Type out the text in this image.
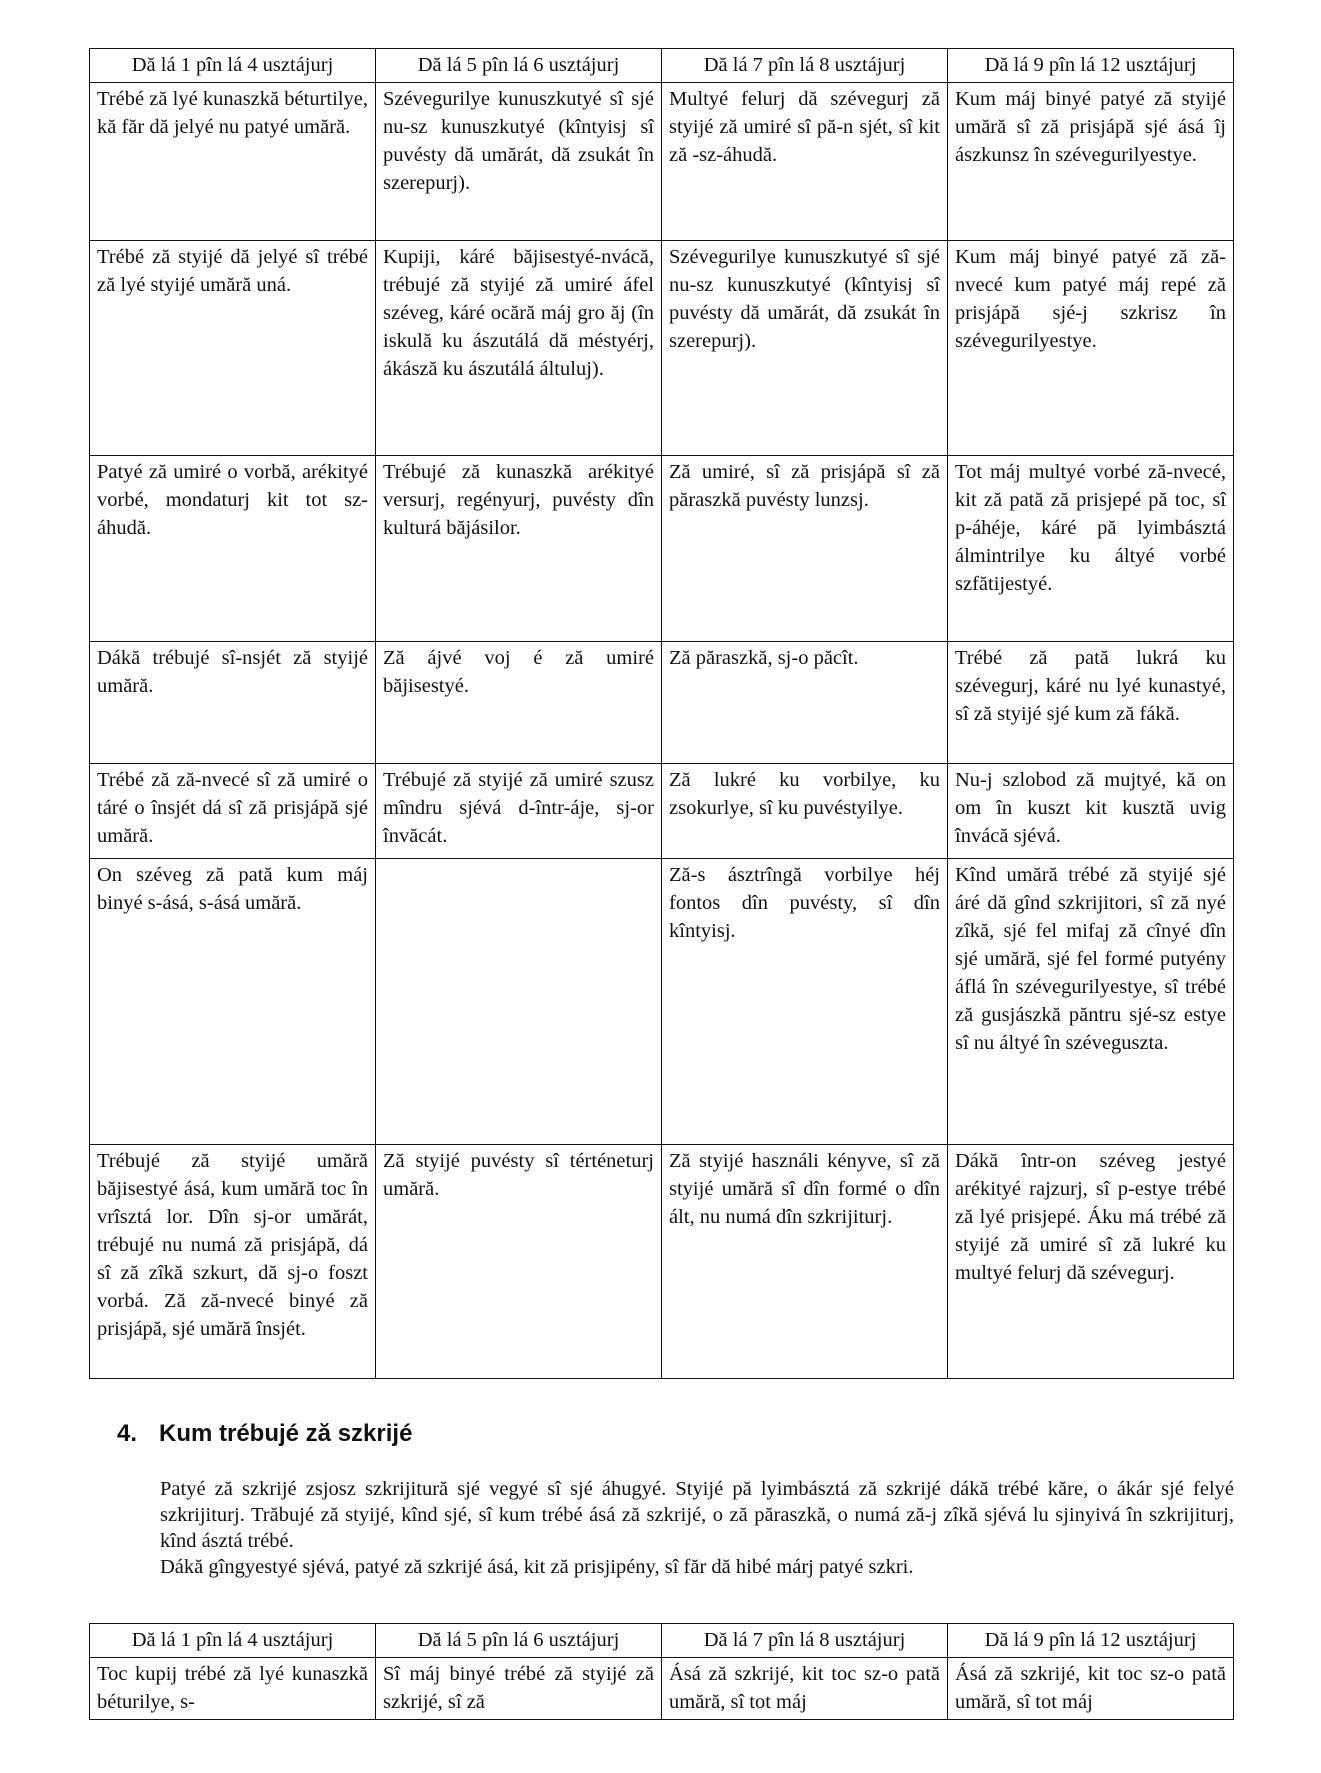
Dă lá 1 pîn lá 4 usztájurj	Dă lá 5 pîn lá 6 usztájurj	Dă lá 7 pîn lá 8 usztájurj	Dă lá 9 pîn lá 12 usztájurj
Trébé ză lyé kunaszkă béturtilye, kă făr dă jelyé nu patyé umără.	Szévegurilye kunuszkutyé sî sjé nu-sz kunuszkutyé (kîntyisj sî puvésty dă umărát, dă zsukát în szerepurj).	Multyé felurj dă szévegurj ză styijé ză umiré sî pă-n sjét, sî kit ză -sz-áhudă.	Kum máj binyé patyé ză styijé umără sî ză prisjápă sjé ásá îj ászkunsz în szévegurilyestye.
Trébé ză styijé dă jelyé sî trébé ză lyé styijé umără uná.	Kupiji, káré băjisestyé-nvácă, trébujé ză styijé ză umiré áfel széveg, káré ocără máj gro ăj (în iskulă ku ászutálá dă méstyérj, ákásză ku ászutálá áltuluj).	Szévegurilye kunuszkutyé sî sjé nu-sz kunuszkutyé (kîntyisj sî puvésty dă umărát, dă zsukát în szerepurj).	Kum máj binyé patyé ză ză-nvecé kum patyé máj repé ză prisjápă sjé-j szkrisz în szévegurilyestye.
Patyé ză umiré o vorbă, arékityé vorbé, mondaturj kit tot sz-áhudă.	Trébujé ză kunaszkă arékityé versurj, regényurj, puvésty dîn kulturá băjásilor.	Ză umiré, sî ză prisjápă sî ză păraszkă puvésty lunzsj.	Tot máj multyé vorbé ză-nvecé, kit ză pată ză prisjepé pă toc, sî p-áhéje, káré pă lyimbásztá álmintrilye ku áltyé vorbé szfătijestyé.
Dákă trébujé sî-nsjét ză styijé umără.	Ză ájvé voj é ză umiré băjisestyé.	Ză păraszkă, sj-o păcît.	Trébé ză pată lukrá ku szévegurj, káré nu lyé kunastyé, sî ză styijé sjé kum ză fákă.
Trébé ză ză-nvecé sî ză umiré o táré o însjét dá sî ză prisjápă sjé umără.	Trébujé ză styijé ză umiré szusz mîndru sjévá d-într-áje, sj-or învăcát.	Ză lukré ku vorbilye, ku zsokurlye, sî ku puvéstyilye.	Nu-j szlobod ză mujtyé, kă on om în kuszt kit kusztă uvig învácă sjévá.
On széveg ză pată kum máj binyé s-ásá, s-ásá umără.		Ză-s ásztrîngă vorbilye héj fontos dîn puvésty, sî dîn kîntyisj.	Kînd umără trébé ză styijé sjé áré dă gînd szkrijitori, sî ză nyé zîkă, sjé fel mifaj ză cînyé dîn sjé umără, sjé fel formé putyény áflá în szévegurilyestye, sî trébé ză gusjászkă păntru sjé-sz estye sî nu áltyé în széveguszta.
Trébujé ză styijé umără băjisestyé ásá, kum umără toc în vrîsztá lor. Dîn sj-or umărát, trébujé nu numá ză prisjápă, dá sî ză zîkă szkurt, dă sj-o foszt vorbá. Ză ză-nvecé binyé ză prisjápă, sjé umără însjét.	Ză styijé puvésty sî térténeturj umără.	Ză styijé használi kényve, sî ză styijé umără sî dîn formé o dîn ált, nu numá dîn szkrijiturj.	Dákă într-on széveg jestyé arékityé rajzurj, sî p-estye trébé ză lyé prisjepé. Áku má trébé ză styijé ză umiré sî ză lukré ku multyé felurj dă szévegurj.
4. Kum trébujé ză szkrijé

Patyé ză szkrijé zsjosz szkrijitură sjé vegyé sî sjé áhugyé. Styijé pă lyimbásztá ză szkrijé dákă trébé kăre, o ákár sjé felyé szkrijiturj. Trăbujé ză styijé, kînd sjé, sî kum trébé ásá ză szkrijé, o ză păraszkă, o numá ză-j zîkă sjévá lu sjinyivá în szkrijiturj, kînd ásztá trébé.

Dákă gîngyestyé sjévá, patyé ză szkrijé ásá, kit ză prisjipény, sî făr dă hibé márj patyé szkri.

Dă lá 1 pîn lá 4 usztájurj	Dă lá 5 pîn lá 6 usztájurj	Dă lá 7 pîn lá 8 usztájurj	Dă lá 9 pîn lá 12 usztájurj
Toc kupij trébé ză lyé kunaszkă béturilye, s-	Sî máj binyé trébé ză styijé ză szkrijé, sî ză	Ásá ză szkrijé, kit toc sz-o pată umără, sî tot máj	Ásá ză szkrijé, kit toc sz-o pată umără, sî tot máj
